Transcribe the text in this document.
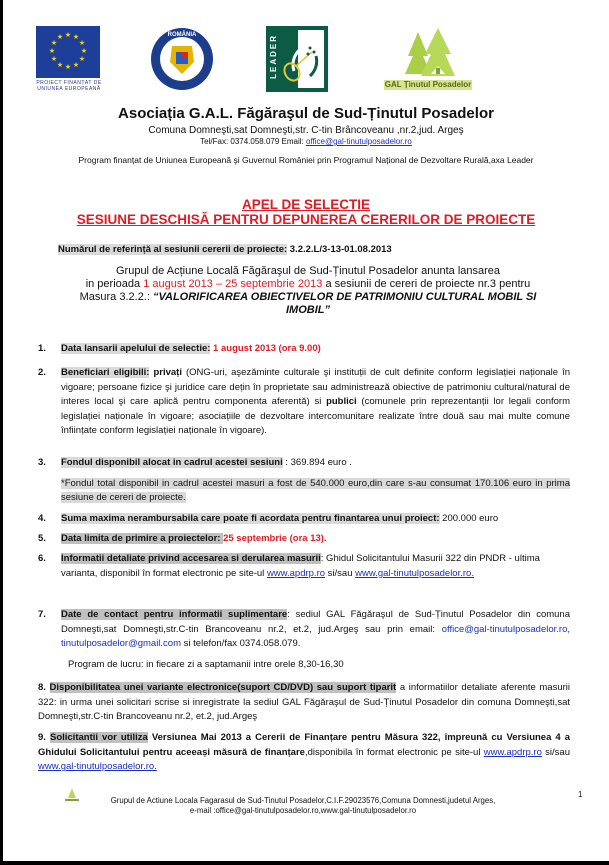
★ ★
★
★
★
★
★
★
★
★
★
★
PROIECT FINANȚAT DE
UNIUNEA EUROPEANĂ
ROMÂNIA	LEADER
GAL Ținutul Posadelor
Asociația G.A.L. Făgăraşul de Sud-Ținutul Posadelor
Comuna Domneşti,sat Domneşti,str. C-tin Brâncoveanu ,nr.2,jud. Argeş
Tel/Fax: 0374.058.079 Email: office@gal-tinutulposadelor.ro
Program finanțat de Uniunea Europeană şi Guvernul României prin Programul Național de Dezvoltare Rurală,axa Leader
APEL DE SELECTIE
SESIUNE DESCHISĂ PENTRU DEPUNEREA CERERILOR DE PROIECTE
Numărul de referință al sesiunii cererii de proiecte: 3.2.2.L/3-13-01.08.2013
Grupul de Acțiune Locală Făgăraşul de Sud-Ținutul Posadelor anunta lansarea
in perioada 1 august 2013 – 25 septembrie 2013 a sesiunii de cereri de proiecte nr.3 pentru
Masura 3.2.2.: “VALORIFICAREA OBIECTIVELOR DE PATRIMONIU CULTURAL MOBIL SI
IMOBIL”
1. Data lansarii apelului de selectie: 1 august 2013 (ora 9.00)
2. Beneficiari eligibili: privați (ONG-uri, aşezăminte culturale şi instituții de cult definite conform legislației naționale în vigoare; persoane fizice şi juridice care dețin în proprietate sau administrează obiective de patrimoniu cultural/natural de interes local şi care aplică pentru componenta aferentă) si publici (comunele prin reprezentanții lor legali conform legislației naționale în vigoare; asociațiile de dezvoltare intercomunitare realizate între două sau mai multe comune înființate conform legislației naționale în vigoare).
3. Fondul disponibil alocat in cadrul acestei sesiuni : 369.894 euro .
*Fondul total disponibil in cadrul acestei masuri a fost de 540.000 euro,din care s-au consumat 170.106 euro in prima sesiune de cereri de proiecte.
4. Suma maxima nerambursabila care poate fi acordata pentru finantarea unui proiect: 200.000 euro
5. Data limita de primire a proiectelor: 25 septembrie (ora 13).
6. Informatii detaliate privind accesarea si derularea masurii: Ghidul Solicitantului Masurii 322 din PNDR - ultima varianta, disponibil în format electronic pe site-ul www.apdrp.ro si/sau www.gal-tinutulposadelor.ro.
7. Date de contact pentru informatii suplimentare: sediul GAL Făgăraşul de Sud-Ținutul Posadelor din comuna Domneşti,sat Domneşti,str.C-tin Brancoveanu nr.2, et.2, jud.Argeş sau prin email: office@gal-tinutulposadelor.ro, tinutulposadelor@gmail.com si telefon/fax 0374.058.079.
Program de lucru: in fiecare zi a saptamanii intre orele 8,30-16,30
8. Disponibilitatea unei variante electronice(suport CD/DVD) sau suport tiparit a informatiilor detaliate aferente masurii 322: in urma unei solicitari scrise si inregistrate la sediul GAL Făgăraşul de Sud-Ținutul Posadelor din comuna Domneşti,sat Domneşti,str.C-tin Brancoveanu nr.2, et.2, jud.Argeş
9. Solicitantii vor utiliza Versiunea Mai 2013 a Cererii de Finanțare pentru Măsura 322, împreună cu Versiunea 4 a Ghidului Solicitantului pentru aceeași măsură de finanțare,disponibila în format electronic pe site-ul www.apdrp.ro si/sau www.gal-tinutulposadelor.ro.
Grupul de Actiune Locala Fagarasul de Sud-Tinutul Posadelor,C.I.F.29023576,Comuna Domnesti,judetul Arges,
e-mail :office@gal-tinutulposadelor.ro,www.gal-tinutulposadelor.ro
1
